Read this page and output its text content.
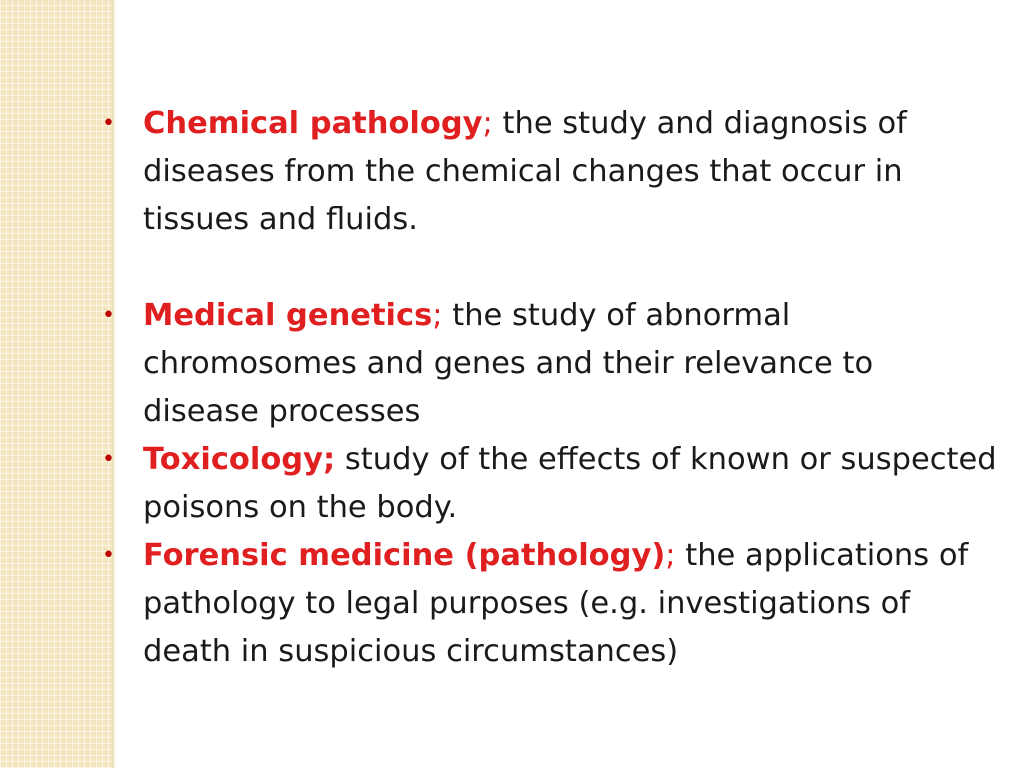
• Chemical pathology; the study and diagnosis of diseases from the chemical changes that occur in tissues and fluids.
• Medical genetics; the study of abnormal chromosomes and genes and their relevance to disease processes
• Toxicology; study of the effects of known or suspected poisons on the body.
• Forensic medicine (pathology); the applications of pathology to legal purposes (e.g. investigations of death in suspicious circumstances)
